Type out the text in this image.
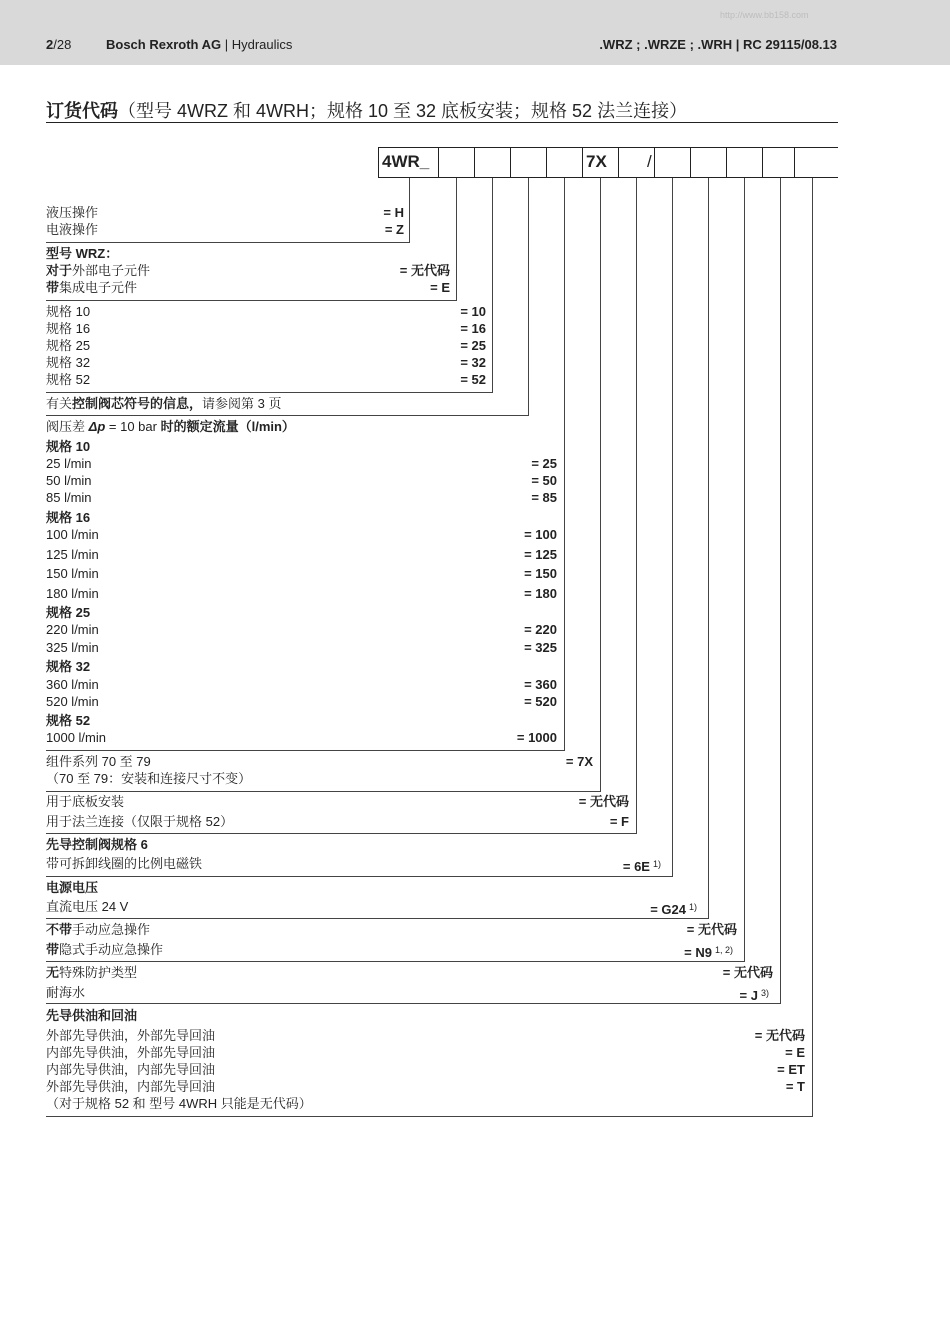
http://www.bb158.com
2/28	Bosch Rexroth AG | Hydraulics	.WRZ ; .WRZE ; .WRH | RC 29115/08.13
订货代码（型号 4WRZ 和 4WRH；规格 10 至 32 底板安装；规格 52 法兰连接）
4WR_	7X /
液压操作	= H
电液操作	= Z
型号 WRZ：
对于外部电子元件	= 无代码
带集成电子元件	= E
规格 10	= 10
规格 16	= 16
规格 25	= 25
规格 32	= 32
规格 52	= 52
有关控制阀芯符号的信息，请参阅第 3 页
阀压差 Δp = 10 bar 时的额定流量（l/min）
规格 10
25 l/min	= 25
50 l/min	= 50
85 l/min	= 85
规格 16
100 l/min	= 100
125 l/min	= 125
150 l/min	= 150
180 l/min	= 180
规格 25
220 l/min	= 220
325 l/min	= 325
规格 32
360 l/min	= 360
520 l/min	= 520
规格 52
1000 l/min	= 1000
组件系列 70 至 79	= 7X
（70 至 79：安装和连接尺寸不变）
用于底板安装	= 无代码
用于法兰连接（仅限于规格 52）	= F
先导控制阀规格 6
带可拆卸线圈的比例电磁铁	= 6E $^{1)}$
电源电压
直流电压 24 V	= G24 $^{1)}$
不带手动应急操作	= 无代码
带隐式手动应急操作	= N9 $^{1, 2)}$
无特殊防护类型	= 无代码
耐海水	= J $^{3)}$
先导供油和回油
外部先导供油，外部先导回油	= 无代码
内部先导供油，外部先导回油	= E
内部先导供油，内部先导回油	= ET
外部先导供油，内部先导回油	= T
（对于规格 52 和 型号 4WRH 只能是无代码）
